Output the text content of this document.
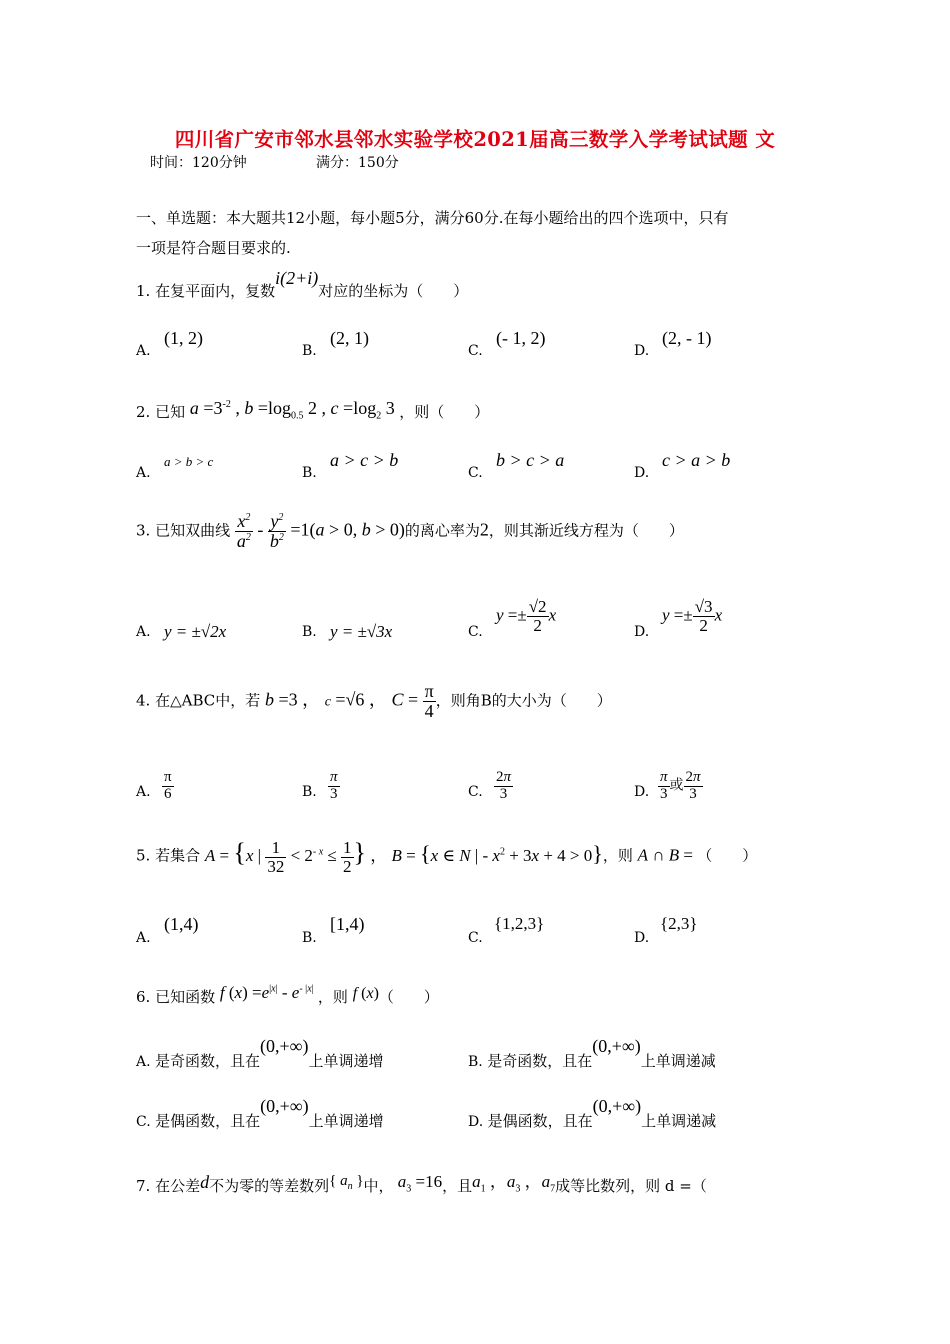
四川省广安市邻水县邻水实验学校2021届高三数学入学考试试题 文
时间：120分钟	满分：150分
一、单选题：本大题共12小题，每小题5分，满分60分.在每小题给出的四个选项中，只有
一项是符合题目要求的.
1. 在复平面内，复数i(2+i)对应的坐标为（　　）
A.
(1, 2)
B.
(2, 1)
C.
(- 1, 2)
D.
(2, - 1)
2. 已知 $a =3^{-2}$ , $b =\log_{0.5}$ 2 , $c =\log_2$ 3 ，则（　　）
A.
a > b > c
B.
a > c > b
C.
b > c > a
D.
c > a > b
3. 已知双曲线 $\frac{x^2}{a^2} - \frac{y^2}{b^2} =1(a > 0$, b > 0)的离心率为2，则其渐近线方程为（　　）
A. y = ±√2x	B. y = ±√3x	C.
$y =\pm \frac{√2}{2}$ x
D.
$y =\pm \frac{√3}{2}$ x
4. 在△ABC中，若 b =3 ， c =√6 ， $C = \frac{\pi}{4}$ ，则角B的大小为（　　）
A. $\frac{\pi}{6}$	B. $\frac{\pi}{3}$	C. $\frac{2\pi}{3}$	D. $\frac{\pi}{3}$ 或 $\frac{2\pi}{3}$
5. 若集合 A = {x | $\frac{1}{32} < 2^{- x} \le \frac{1}{2}$ } ， B = {x ∈ N | - $x^2 + 3x + 4 > 0$}，则 A ∩ B = （　　）
A.
(1,4)
B.
[1,4)
C.
{1,2,3}
D.
{2,3}
6. 已知函数 f $(x) =e^{|x|} - e^{- |x|}$ ，则 f (x)（　　）
A. 是奇函数，且在(0,+∞)上单调递增	B. 是奇函数，且在(0,+∞)上单调递减
C. 是偶函数，且在(0,+∞)上单调递增	D. 是偶函数，且在(0,+∞)上单调递减
7. 在公差d不为零的等差数列{ $a_n$ }中， $a_3 =16$，且$a_1$ ，$a_3$ ，$a_7$成等比数列，则 d =（
